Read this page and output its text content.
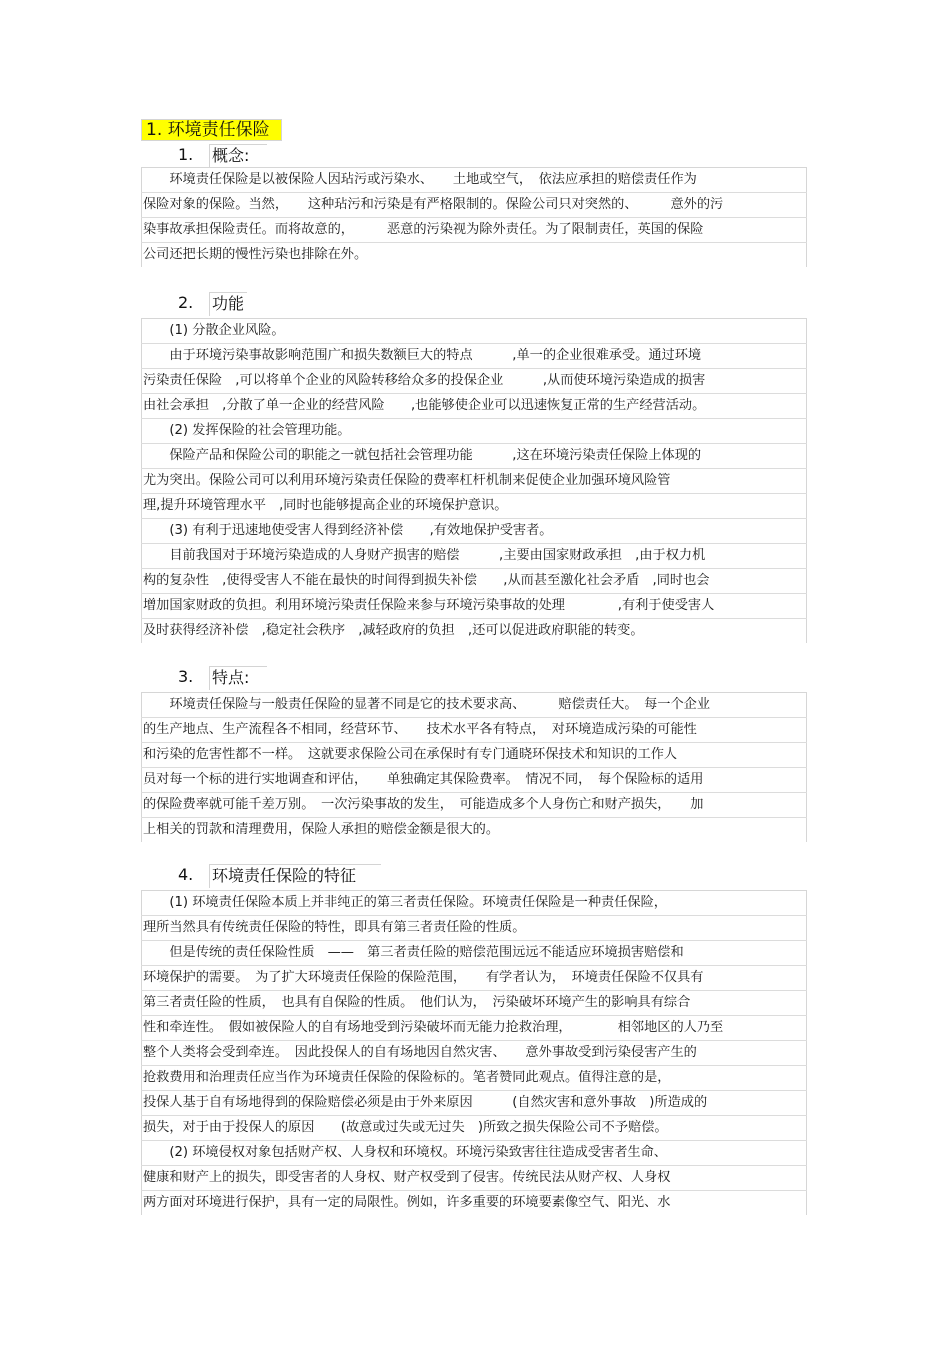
1. 环境责任保险
1. 概念:
　　环境责任保险是以被保险人因玷污或污染水、　　土地或空气，　依法应承担的赔偿责任作为
保险对象的保险。当然，　　这种玷污和污染是有严格限制的。保险公司只对突然的、　　　意外的污
染事故承担保险责任。而将故意的，　　　恶意的污染视为除外责任。为了限制责任，英国的保险
公司还把长期的慢性污染也排除在外。
2. 功能
　　(1) 分散企业风险。
　　由于环境污染事故影响范围广和损失数额巨大的特点　　　,单一的企业很难承受。通过环境
污染责任保险　,可以将单个企业的风险转移给众多的投保企业　　　,从而使环境污染造成的损害
由社会承担　,分散了单一企业的经营风险　　,也能够使企业可以迅速恢复正常的生产经营活动。
　　(2) 发挥保险的社会管理功能。
　　保险产品和保险公司的职能之一就包括社会管理功能　　　,这在环境污染责任保险上体现的
尤为突出。保险公司可以利用环境污染责任保险的费率杠杆机制来促使企业加强环境风险管
理,提升环境管理水平　,同时也能够提高企业的环境保护意识。
　　(3) 有利于迅速地使受害人得到经济补偿　　,有效地保护受害者。
　　目前我国对于环境污染造成的人身财产损害的赔偿　　　,主要由国家财政承担　,由于权力机
构的复杂性　,使得受害人不能在最快的时间得到损失补偿　　,从而甚至激化社会矛盾　,同时也会
增加国家财政的负担。利用环境污染责任保险来参与环境污染事故的处理　　　　,有利于使受害人
及时获得经济补偿　,稳定社会秩序　,减轻政府的负担　,还可以促进政府职能的转变。
3. 特点:
　　环境责任保险与一般责任保险的显著不同是它的技术要求高、　　　赔偿责任大。　每一个企业
的生产地点、生产流程各不相同，经营环节、　　技术水平各有特点，　对环境造成污染的可能性
和污染的危害性都不一样。　这就要求保险公司在承保时有专门通晓环保技术和知识的工作人
员对每一个标的进行实地调查和评估，　　单独确定其保险费率。　情况不同，　每个保险标的适用
的保险费率就可能千差万别。　一次污染事故的发生，　可能造成多个人身伤亡和财产损失，　　加
上相关的罚款和清理费用，保险人承担的赔偿金额是很大的。
4. 环境责任保险的特征
　　(1) 环境责任保险本质上并非纯正的第三者责任保险。环境责任保险是一种责任保险，
理所当然具有传统责任保险的特性，即具有第三者责任险的性质。
　　但是传统的责任保险性质　——　第三者责任险的赔偿范围远远不能适应环境损害赔偿和
环境保护的需要。　为了扩大环境责任保险的保险范围，　　有学者认为，　环境责任保险不仅具有
第三者责任险的性质，　也具有自保险的性质。　他们认为，　污染破坏环境产生的影响具有综合
性和牵连性。　假如被保险人的自有场地受到污染破坏而无能力抢救治理，　　　　相邻地区的人乃至
整个人类将会受到牵连。　因此投保人的自有场地因自然灾害、　　意外事故受到污染侵害产生的
抢救费用和治理责任应当作为环境责任保险的保险标的。笔者赞同此观点。值得注意的是，
投保人基于自有场地得到的保险赔偿必须是由于外来原因　　　(自然灾害和意外事故　)所造成的
损失，对于由于投保人的原因　　(故意或过失或无过失　)所致之损失保险公司不予赔偿。
　　(2) 环境侵权对象包括财产权、人身权和环境权。环境污染致害往往造成受害者生命、
健康和财产上的损失，即受害者的人身权、财产权受到了侵害。传统民法从财产权、人身权
两方面对环境进行保护，具有一定的局限性。例如，许多重要的环境要素像空气、阳光、水
